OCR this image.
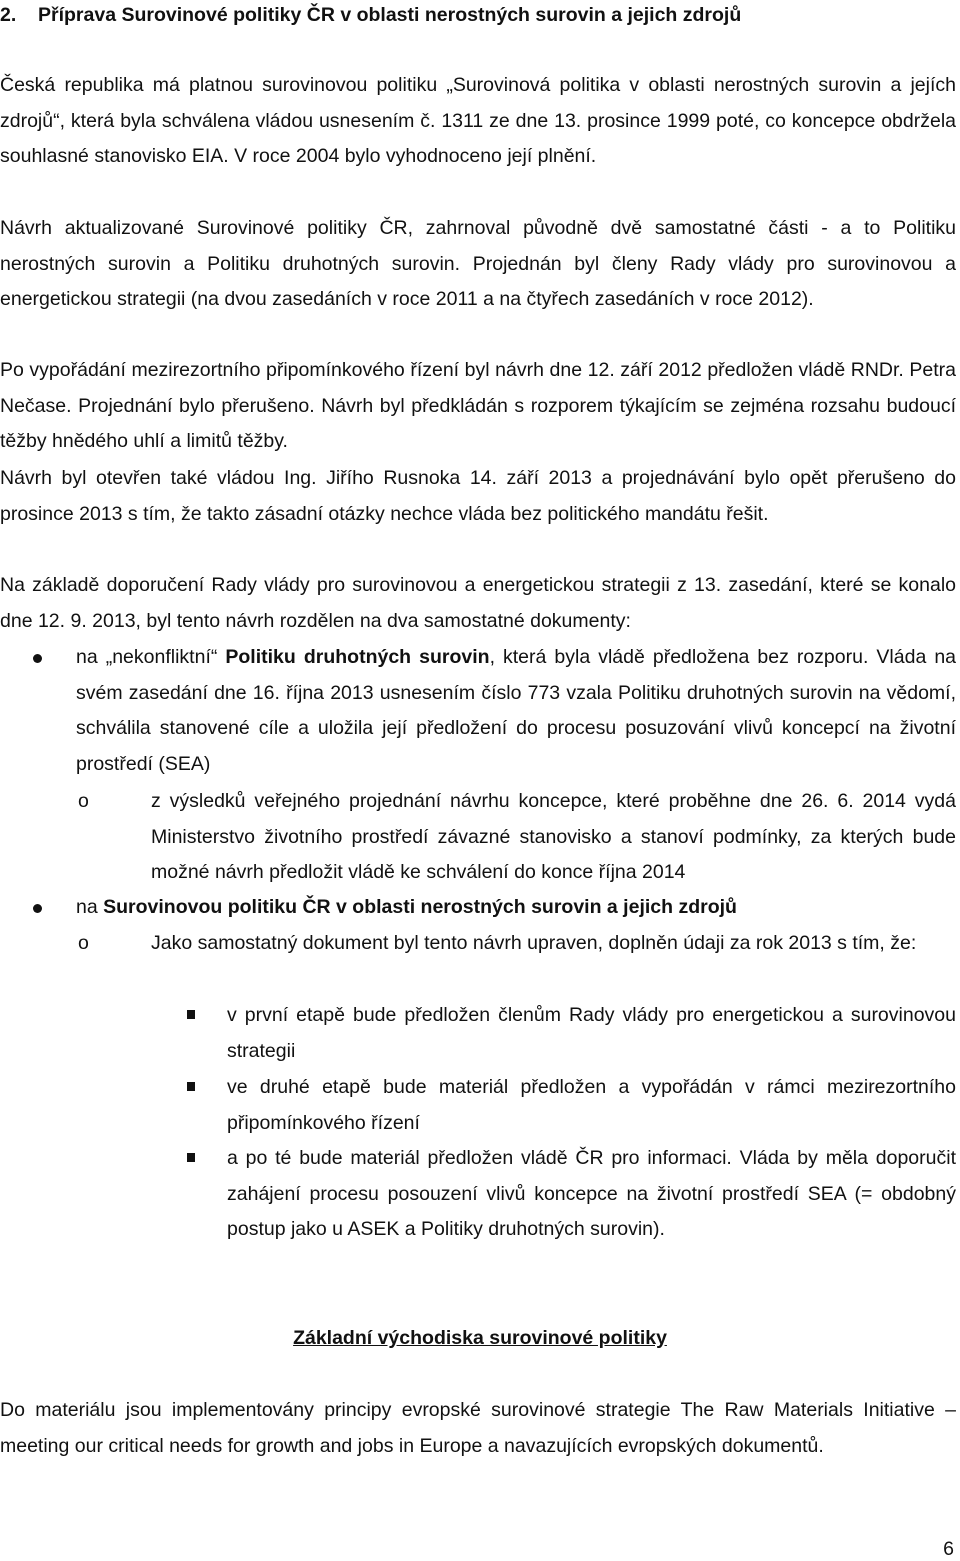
2. Příprava Surovinové politiky ČR v oblasti nerostných surovin a jejich zdrojů

Česká republika má platnou surovinovou politiku „Surovinová politika v oblasti nerostných surovin a jejích zdrojů“, která byla schválena vládou usnesením č. 1311 ze dne 13. prosince 1999 poté, co koncepce obdržela souhlasné stanovisko EIA. V roce 2004 bylo vyhodnoceno její plnění.

Návrh aktualizované Surovinové politiky ČR, zahrnoval původně dvě samostatné části - a to Politiku nerostných surovin a Politiku druhotných surovin. Projednán byl členy Rady vlády pro surovinovou a energetickou strategii (na dvou zasedáních v roce 2011 a na čtyřech zasedáních v roce 2012).

Po vypořádání mezirezortního připomínkového řízení byl návrh dne 12. září 2012 předložen vládě RNDr. Petra Nečase. Projednání bylo přerušeno. Návrh byl předkládán s rozporem týkajícím se zejména rozsahu budoucí těžby hnědého uhlí a limitů těžby.

Návrh byl otevřen také vládou Ing. Jiřího Rusnoka 14. září 2013 a projednávání bylo opět přerušeno do prosince 2013 s tím, že takto zásadní otázky nechce vláda bez politického mandátu řešit.

Na základě doporučení Rady vlády pro surovinovou a energetickou strategii z 13. zasedání, které se konalo dne 12. 9. 2013, byl tento návrh rozdělen na dva samostatné dokumenty:

na „nekonfliktní“ Politiku druhotných surovin, která byla vládě předložena bez rozporu. Vláda na svém zasedání dne 16. října 2013 usnesením číslo 773 vzala Politiku druhotných surovin na vědomí, schválila stanovené cíle a uložila její předložení do procesu posuzování vlivů koncepcí na životní prostředí (SEA)
o	z výsledků veřejného projednání návrhu koncepce, které proběhne dne 26. 6. 2014 vydá Ministerstvo životního prostředí závazné stanovisko a stanoví podmínky, za kterých bude možné návrh předložit vládě ke schválení do konce října 2014
na Surovinovou politiku ČR v oblasti nerostných surovin a jejich zdrojů
o	Jako samostatný dokument byl tento návrh upraven, doplněn údaji za rok 2013 s tím, že:
v první etapě bude předložen členům Rady vlády pro energetickou a surovinovou strategii
ve druhé etapě bude materiál předložen a vypořádán v rámci mezirezortního připomínkového řízení
a po té bude materiál předložen vládě ČR pro informaci. Vláda by měla doporučit zahájení procesu posouzení vlivů koncepce na životní prostředí SEA (= obdobný postup jako u ASEK a Politiky druhotných surovin).
Základní východiska surovinové politiky

Do materiálu jsou implementovány principy evropské surovinové strategie The Raw Materials Initiative – meeting our critical needs for growth and jobs in Europe a navazujících evropských dokumentů.

6
